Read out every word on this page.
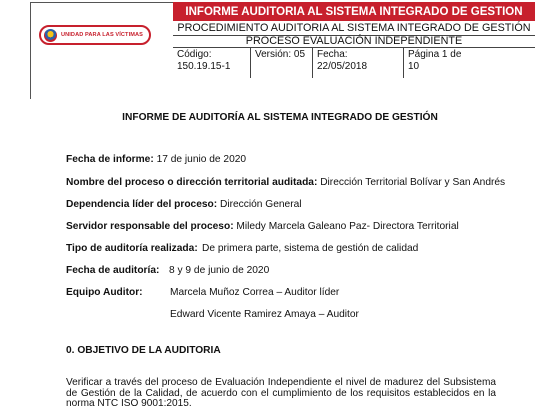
UNIDAD PARA LAS VÍCTIMAS
INFORME AUDITORIA AL SISTEMA INTEGRADO DE GESTION
PROCEDIMIENTO AUDITORIA AL SISTEMA INTEGRADO DE GESTIÓN
PROCESO EVALUACIÓN INDEPENDIENTE
Código: 150.19.15-1
Versión: 05	Fecha: 22/05/2018
Página 1 de 10
INFORME DE AUDITORÍA AL SISTEMA INTEGRADO DE GESTIÓN
Fecha de informe: 17 de junio de 2020
Nombre del proceso o dirección territorial auditada: Dirección Territorial Bolívar y San Andrés
Dependencia líder del proceso: Dirección General
Servidor responsable del proceso: Miledy Marcela Galeano Paz- Directora Territorial
Tipo de auditoría realizada: De primera parte, sistema de gestión de calidad
Fecha de auditoría: 8 y 9 de junio de 2020
Equipo Auditor:	Marcela Muñoz Correa – Auditor líder
Edward Vicente Ramirez Amaya – Auditor
0. OBJETIVO DE LA AUDITORIA
Verificar a través del proceso de Evaluación Independiente el nivel de madurez del Subsistema de Gestión de la Calidad, de acuerdo con el cumplimiento de los requisitos establecidos en la norma NTC ISO 9001:2015.
